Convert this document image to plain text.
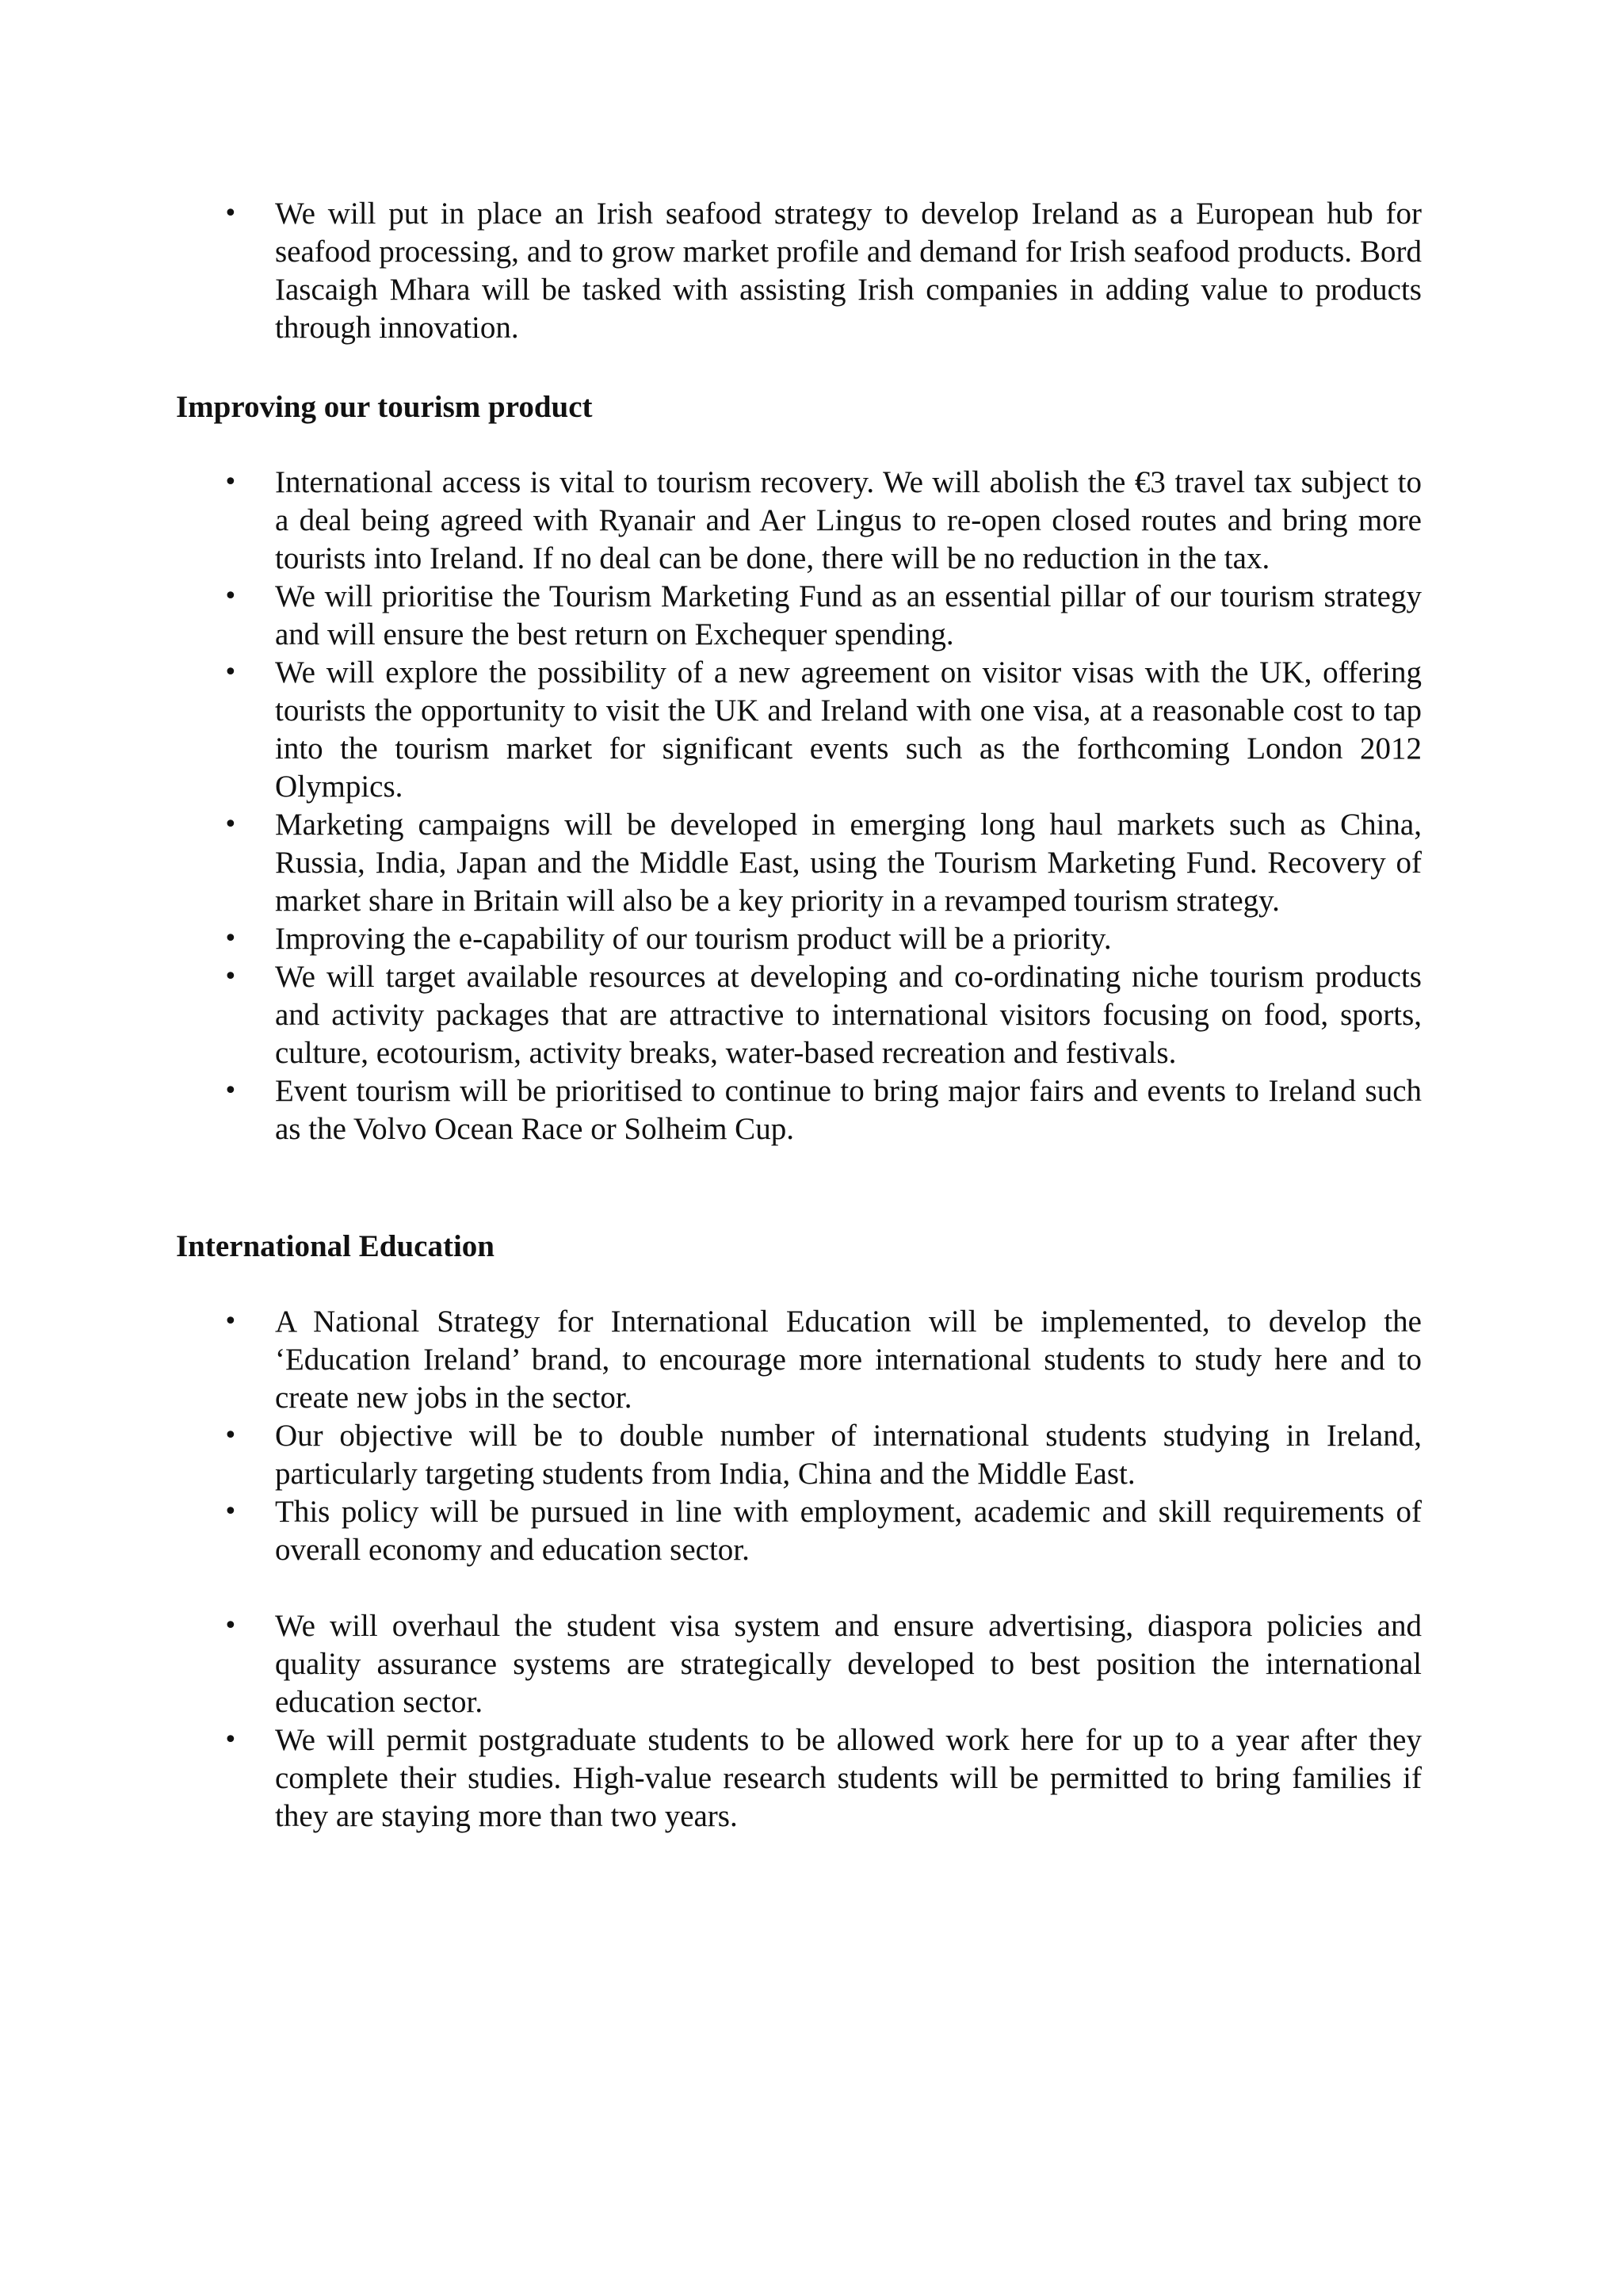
•	We will put in place an Irish seafood strategy to develop Ireland as a European hub for seafood processing, and to grow market profile and demand for Irish seafood products. Bord Iascaigh Mhara will be tasked with assisting Irish companies in adding value to products through innovation.

Improving our tourism product

•	International access is vital to tourism recovery. We will abolish the €3 travel tax subject to a deal being agreed with Ryanair and Aer Lingus to re-open closed routes and bring more tourists into Ireland. If no deal can be done, there will be no reduction in the tax.
•	We will prioritise the Tourism Marketing Fund as an essential pillar of our tourism strategy and will ensure the best return on Exchequer spending.
•	We will explore the possibility of a new agreement on visitor visas with the UK, offering tourists the opportunity to visit the UK and Ireland with one visa, at a reasonable cost to tap into the tourism market for significant events such as the forthcoming London 2012 Olympics.
•	Marketing campaigns will be developed in emerging long haul markets such as China, Russia, India, Japan and the Middle East, using the Tourism Marketing Fund. Recovery of market share in Britain will also be a key priority in a revamped tourism strategy.
•	Improving the e-capability of our tourism product will be a priority.
•	We will target available resources at developing and co-ordinating niche tourism products and activity packages that are attractive to international visitors focusing on food, sports, culture, ecotourism, activity breaks, water-based recreation and festivals.
•	Event tourism will be prioritised to continue to bring major fairs and events to Ireland such as the Volvo Ocean Race or Solheim Cup.

International Education

•	A National Strategy for International Education will be implemented, to develop the ‘Education Ireland’ brand, to encourage more international students to study here and to create new jobs in the sector.
•	Our objective will be to double number of international students studying in Ireland, particularly targeting students from India, China and the Middle East.
•	This policy will be pursued in line with employment, academic and skill requirements of overall economy and education sector.
•	We will overhaul the student visa system and ensure advertising, diaspora policies and quality assurance systems are strategically developed to best position the international education sector.
•	We will permit postgraduate students to be allowed work here for up to a year after they complete their studies. High-value research students will be permitted to bring families if they are staying more than two years.
